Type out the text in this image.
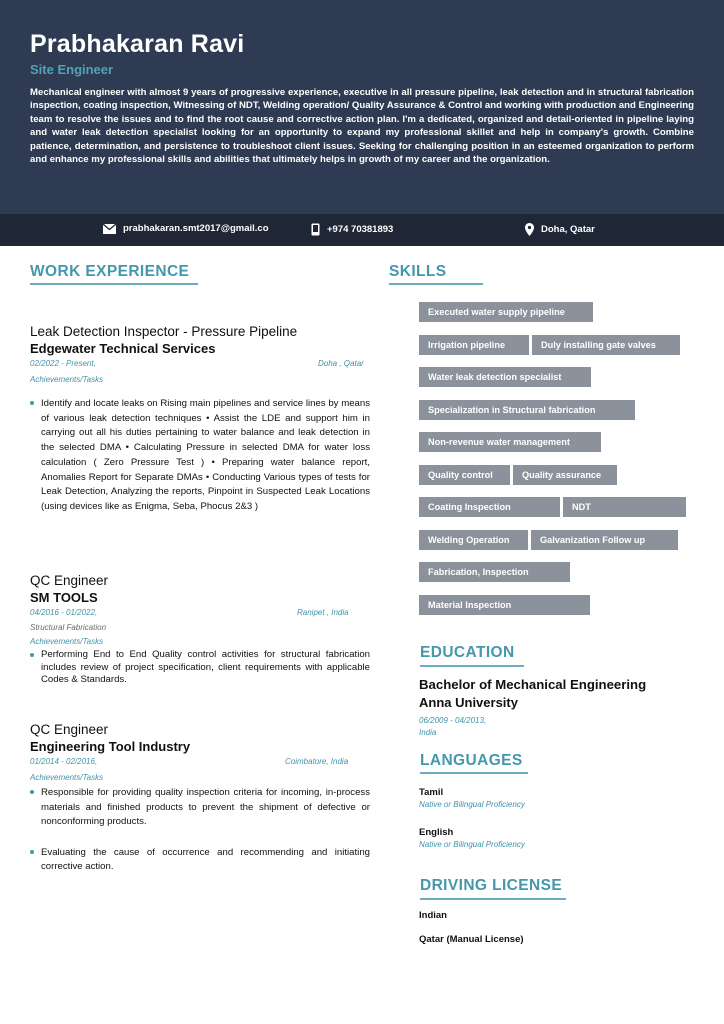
Prabhakaran Ravi
Site Engineer
Mechanical engineer with almost 9 years of progressive experience, executive in all pressure pipeline, leak detection and in structural fabrication inspection, coating inspection, Witnessing of NDT, Welding operation/ Quality Assurance & Control and working with production and Engineering team to resolve the issues and to find the root cause and corrective action plan. I'm a dedicated, organized and detail-oriented in pipeline laying and water leak detection specialist looking for an opportunity to expand my professional skillet and help in company's growth. Combine patience, determination, and persistence to troubleshoot client issues. Seeking for challenging position in an esteemed organization to perform and enhance my professional skills and abilities that ultimately helps in growth of my career and the organization.
prabhakaran.smt2017@gmail.co	+974 70381893	Doha, Qatar
WORK EXPERIENCE
Leak Detection Inspector - Pressure Pipeline
Edgewater Technical Services
02/2022 - Present,	Doha , Qatar
Achievements/Tasks
Identify and locate leaks on Rising main pipelines and service lines by means of various leak detection techniques • Assist the LDE and support him in carrying out all his duties pertaining to water balance and leak detection in the selected DMA • Calculating Pressure in selected DMA for water loss calculation ( Zero Pressure Test ) • Preparing water balance report, Anomalies Report for Separate DMAs • Conducting Various types of tests for Leak Detection, Analyzing the reports, Pinpoint in Suspected Leak Locations (using devices like as Enigma, Seba, Phocus 2&3 )
QC Engineer
SM TOOLS
04/2016 - 01/2022,	Ranipet , India
Structural Fabrication
Achievements/Tasks
Performing End to End Quality control activities for structural fabrication includes review of project specification, client requirements with applicable Codes & Standards.
QC Engineer
Engineering Tool Industry
01/2014 - 02/2016,	Coimbatore, India
Achievements/Tasks
Responsible for providing quality inspection criteria for incoming, in-process materials and finished products to prevent the shipment of defective or nonconforming products.
Evaluating the cause of occurrence and recommending and initiating corrective action.
SKILLS
Executed water supply pipeline
Irrigation pipeline	Duly installing gate valves
Water leak detection specialist
Specialization in Structural fabrication
Non-revenue water management
Quality control	Quality assurance
Coating Inspection	NDT
Welding Operation	Galvanization Follow up
Fabrication, Inspection
Material Inspection
EDUCATION
Bachelor of Mechanical Engineering
Anna University
06/2009 - 04/2013,
India
LANGUAGES
Tamil
Native or Bilingual Proficiency
English
Native or Bilingual Proficiency
DRIVING LICENSE
Indian
Qatar (Manual License)
